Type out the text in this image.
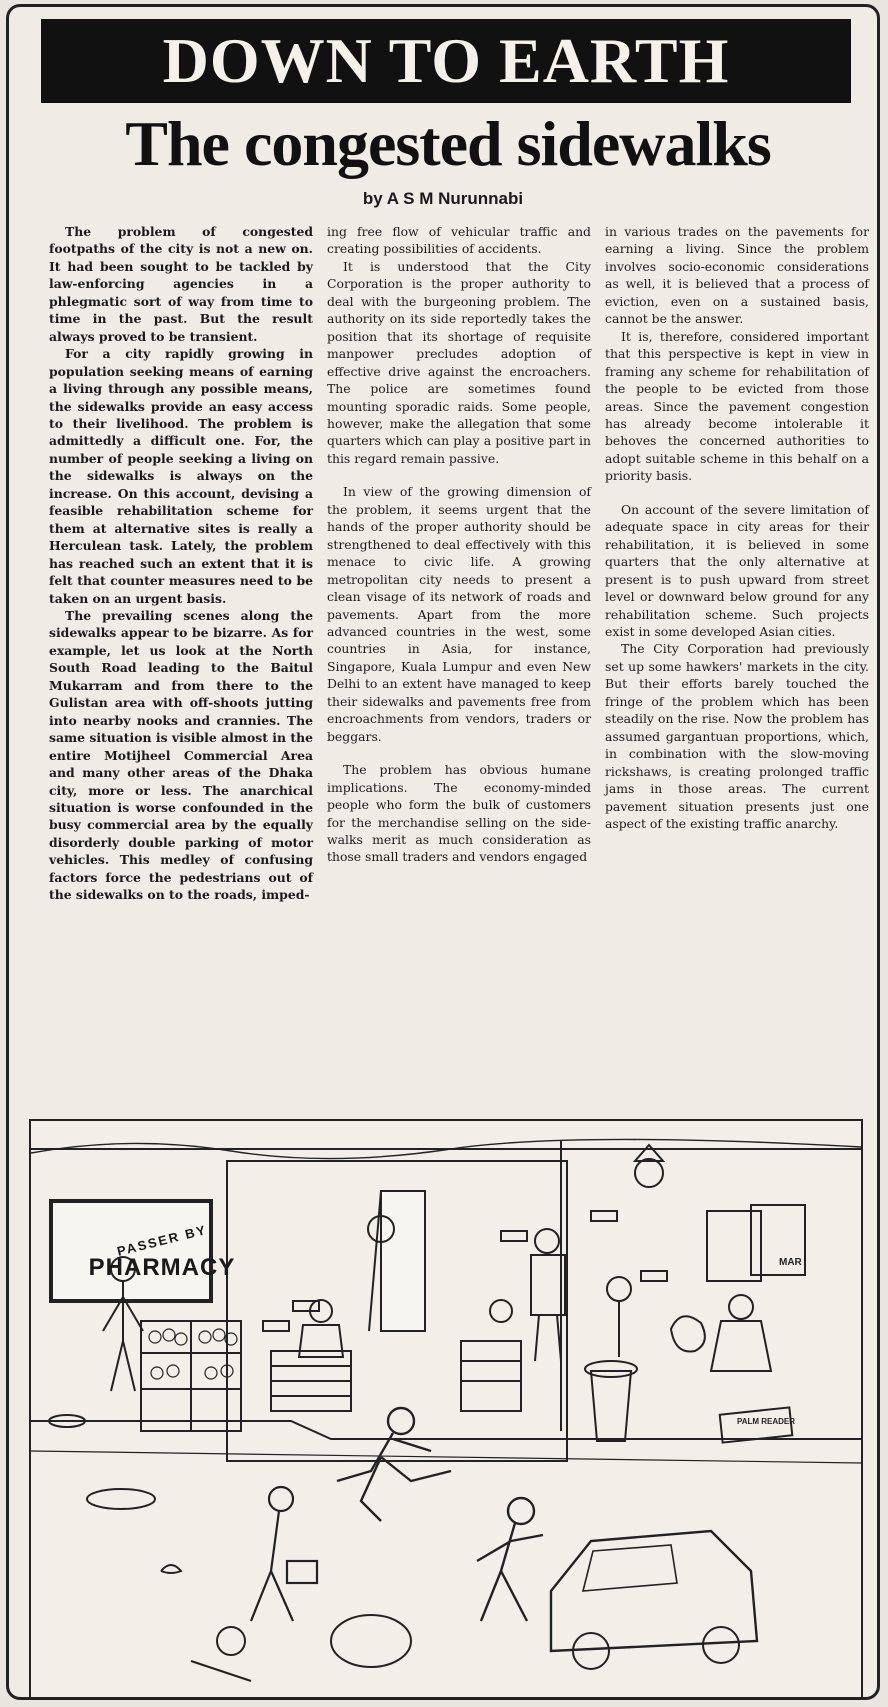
DOWN TO EARTH
The congested sidewalks
by A S M Nurunnabi

The problem of congested footpaths of the city is not a new on. It had been sought to be tackled by law-enforcing agencies in a phlegmatic sort of way from time to time in the past. But the result always proved to be transient.

For a city rapidly growing in population seeking means of earning a living through any possible means, the sidewalks provide an easy access to their livelihood. The problem is admittedly a difficult one. For, the number of people seeking a living on the sidewalks is always on the increase. On this account, devising a feasible rehabilitation scheme for them at alternative sites is really a Herculean task. Lately, the problem has reached such an extent that it is felt that counter measures need to be taken on an urgent basis.

The prevailing scenes along the sidewalks appear to be bizarre. As for example, let us look at the North South Road leading to the Baitul Mukarram and from there to the Gulistan area with off-shoots jutting into nearby nooks and crannies. The same situation is visible almost in the entire Motijheel Commercial Area and many other areas of the Dhaka city, more or less. The anarchical situation is worse confounded in the busy commercial area by the equally disorderly double parking of motor vehicles. This medley of confusing factors force the pedestrians out of the sidewalks on to the roads, imped-

ing free flow of vehicular traffic and creating possibilities of accidents.

It is understood that the City Corporation is the proper authority to deal with the burgeoning problem. The authority on its side reportedly takes the position that its shortage of requisite manpower precludes adoption of effective drive against the encroachers. The police are sometimes found mounting sporadic raids. Some people, however, make the allegation that some quarters which can play a positive part in this regard remain passive.

In view of the growing dimension of the problem, it seems urgent that the hands of the proper authority should be strengthened to deal effectively with this menace to civic life. A growing metropolitan city needs to present a clean visage of its network of roads and pavements. Apart from the more advanced countries in the west, some countries in Asia, for instance, Singapore, Kuala Lumpur and even New Delhi to an extent have managed to keep their sidewalks and pavements free from encroachments from vendors, traders or beggars.

The problem has obvious humane implications. The economy-minded people who form the bulk of customers for the merchandise selling on the side-walks merit as much consideration as those small traders and vendors engaged

in various trades on the pavements for earning a living. Since the problem involves socio-economic considerations as well, it is believed that a process of eviction, even on a sustained basis, cannot be the answer.

It is, therefore, considered important that this perspective is kept in view in framing any scheme for rehabilitation of the people to be evicted from those areas. Since the pavement congestion has already become intolerable it behoves the concerned authorities to adopt suitable scheme in this behalf on a priority basis.

On account of the severe limitation of adequate space in city areas for their rehabilitation, it is believed in some quarters that the only alternative at present is to push upward from street level or downward below ground for any rehabilitation scheme. Such projects exist in some developed Asian cities.

The City Corporation had previously set up some hawkers' markets in the city. But their efforts barely touched the fringe of the problem which has been steadily on the rise. Now the problem has assumed gargantuan proportions, which, in combination with the slow-moving rickshaws, is creating prolonged traffic jams in those areas. The current pavement situation presents just one aspect of the existing traffic anarchy.

PASSER BY
PHARMACY	MAR
PALM READER
